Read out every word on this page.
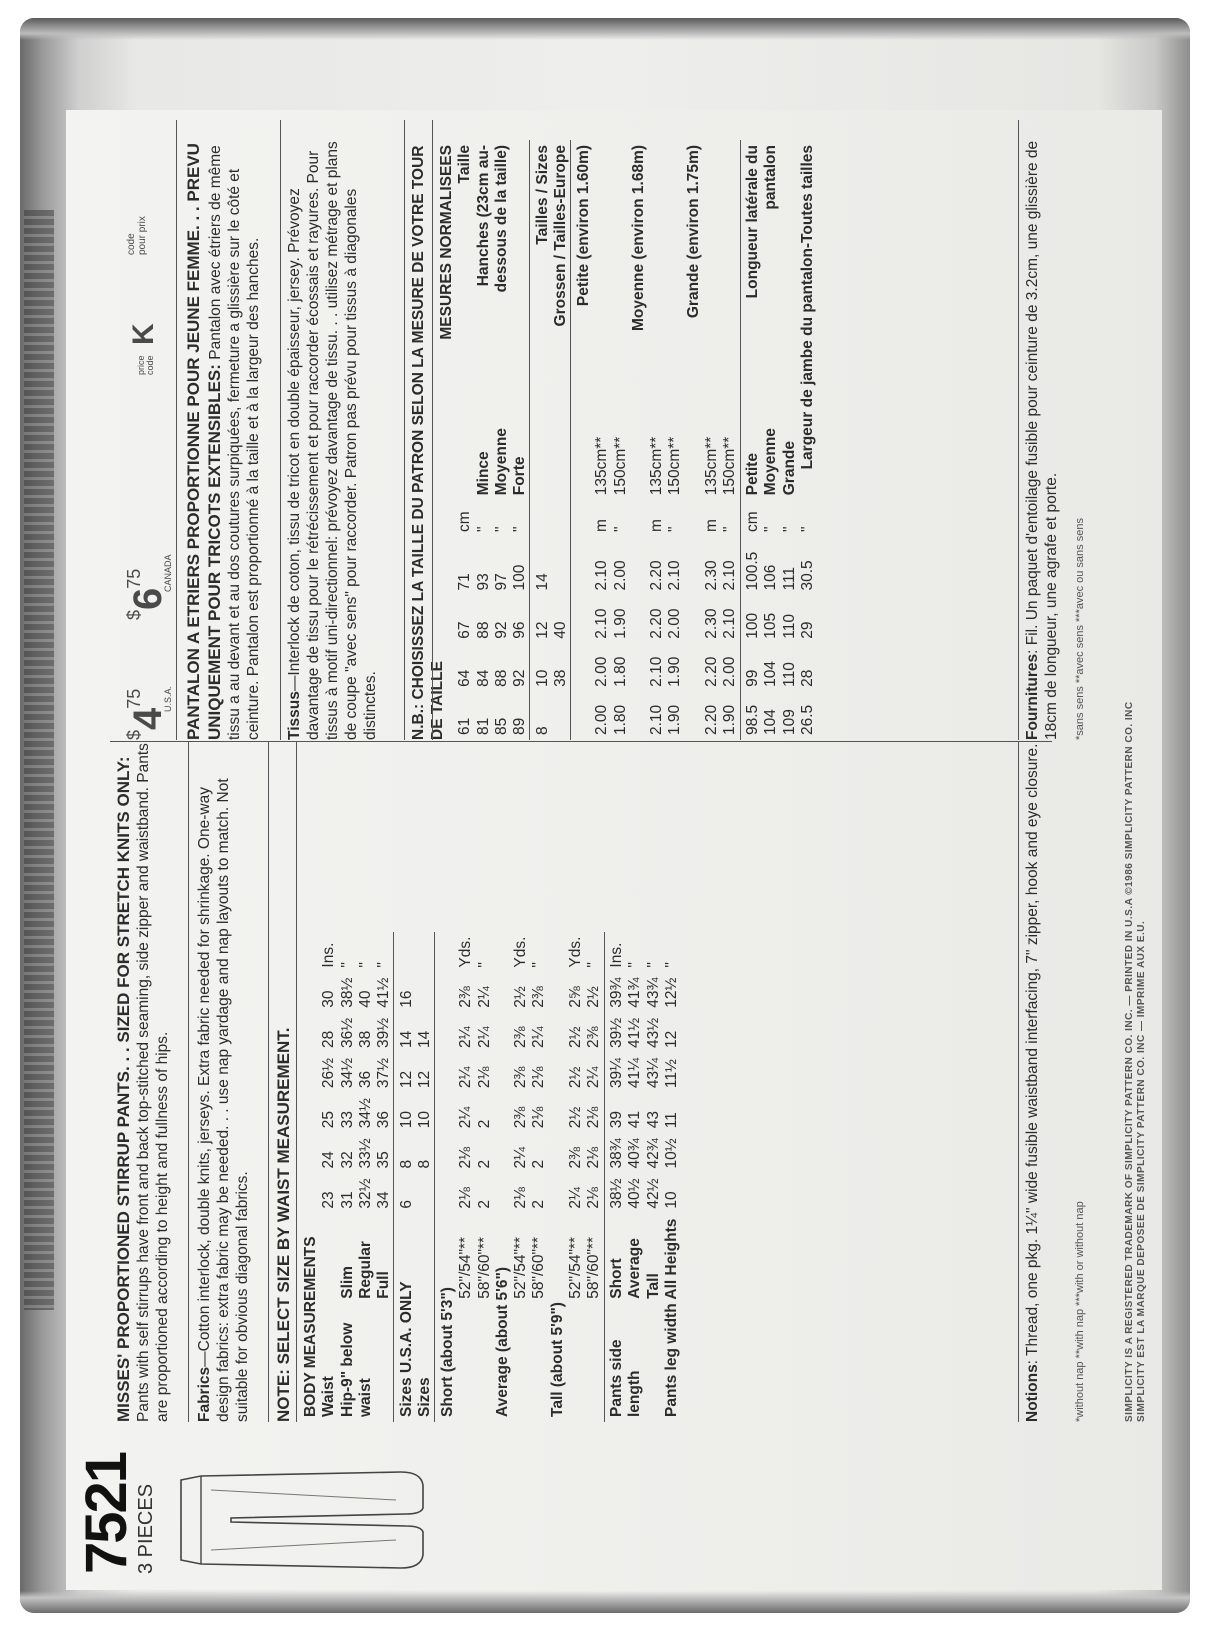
7521
3 PIECES
MISSES' PROPORTIONED STIRRUP PANTS. . . SIZED FOR STRETCH KNITS ONLY: Pants with self stirrups have front and back top-stitched seaming, side zipper and waistband. Pants are proportioned according to height and fullness of hips. Fabrics—Cotton interlock, double knits, jerseys. Extra fabric needed for shrinkage. One-way design fabrics: extra fabric may be needed. . . use nap yardage and nap layouts to match. Not suitable for obvious diagonal fabrics. NOTE: SELECT SIZE BY WAIST MEASUREMENT. BODY MEASUREMENTS								
Waist		23	24	25	26½	28	30	Ins.
Hip-9" below waist	Slim	31	32	33	34½	36½	38½	"
	Regular	32½	33½	34½	36	38	40	"
	Full	34	35	36	37½	39½	41½	"

Sizes U.S.A. ONLY		6	8	10	12	14	16	
Sizes			8	10	12	14		

Short (about 5'3")								
	52"/54"**	2⅛	2⅛	2¼	2¼	2¼	2⅜	Yds.
	58"/60"**	2	2	2	2⅛	2¼	2¼	"
Average (about 5'6")								
	52"/54"**	2⅛	2¼	2⅜	2⅜	2⅜	2½	Yds.
	58"/60"**	2	2	2⅛	2⅛	2¼	2⅜	"
Tall (about 5'9")								
	52"/54"**	2¼	2⅜	2½	2½	2½	2⅝	Yds.
	58"/60"**	2⅛	2⅛	2⅛	2¼	2⅜	2½	"

Pants side length	Short	38½	38¾	39	39¼	39½	39¾	Ins.
	Average	40½	40¾	41	41¼	41½	41¾	"
	Tall	42½	42¾	43	43¼	43½	43¾	"
Pants leg width All Heights		10	10½	11	11½	12	12½	"
Notions: Thread, one pkg. 1¼" wide fusible waistband interfacing, 7" zipper, hook and eye closure.	*without nap **with nap ***with or without nap
$475 U.S.A.
$675 CANADA
price codeK
code pour prix PANTALON A ETRIERS PROPORTIONNE POUR JEUNE FEMME. . . PREVU UNIQUEMENT POUR TRICOTS EXTENSIBLES: Pantalon avec étriers de même tissu a au devant et au dos coutures surpiquées, fermeture a glissière sur le côté et ceinture. Pantalon est proportionné à la taille et à la largeur des hanches. Tissus—Interlock de coton, tissu de tricot en double épaisseur, jersey. Prévoyez davantage de tissu pour le rétrécissement et pour raccorder écossais et rayures. Pour tissus à motif uni-directionnel: prévoyez davantage de tissu. . . utilisez métrage et plans de coupe "avec sens" pour raccorder. Patron pas prévu pour tissus à diagonales distinctes. N.B.: CHOISISSEZ LA TAILLE DU PATRON SELON LA MESURE DE VOTRE TOUR DE TAILLE
							MESURES NORMALISEES
61	64	67	71	cm			Taille
81	84	88	93	"	Mince		Hanches (23cm au-dessous de la taille)
85	88	92	97	"	Moyenne		
89	92	96	100	"	Forte		

8	10	12	14				Tailles / Sizes
	38	40					Grossen / Tailles-Europe

							Petite (environ 1.60m)
2.00	2.00	2.10	2.10	m	135cm**		
1.80	1.80	1.90	2.00	"	150cm**		
							Moyenne (environ 1.68m)
2.10	2.10	2.20	2.20	m	135cm**		
1.90	1.90	2.00	2.10	"	150cm**		
							Grande (environ 1.75m)
2.20	2.20	2.30	2.30	m	135cm**		
1.90	2.00	2.10	2.10	"	150cm**		

98.5	99	100	100.5	cm	Petite		Longueur latérale du pantalon
104	104	105	106	"	Moyenne		
109	110	110	111	"	Grande		
26.5	28	29	30.5	"	Largeur de jambe du pantalon-Toutes tailles		
Fournitures: Fil. Un paquet d'entoilage fusible pour ceinture de 3.2cm, une glissière de 18cm de longueur, une agrafe et porte. *sans sens **avec sens ***avec ou sans sens
SIMPLICITY IS A REGISTERED TRADEMARK OF SIMPLICITY PATTERN CO. INC. — PRINTED IN U.S.A ©1986 SIMPLICITY PATTERN CO. INC SIMPLICITY EST LA MARQUE DEPOSEE DE SIMPLICITY PATTERN CO. INC — IMPRIME AUX E.U.
